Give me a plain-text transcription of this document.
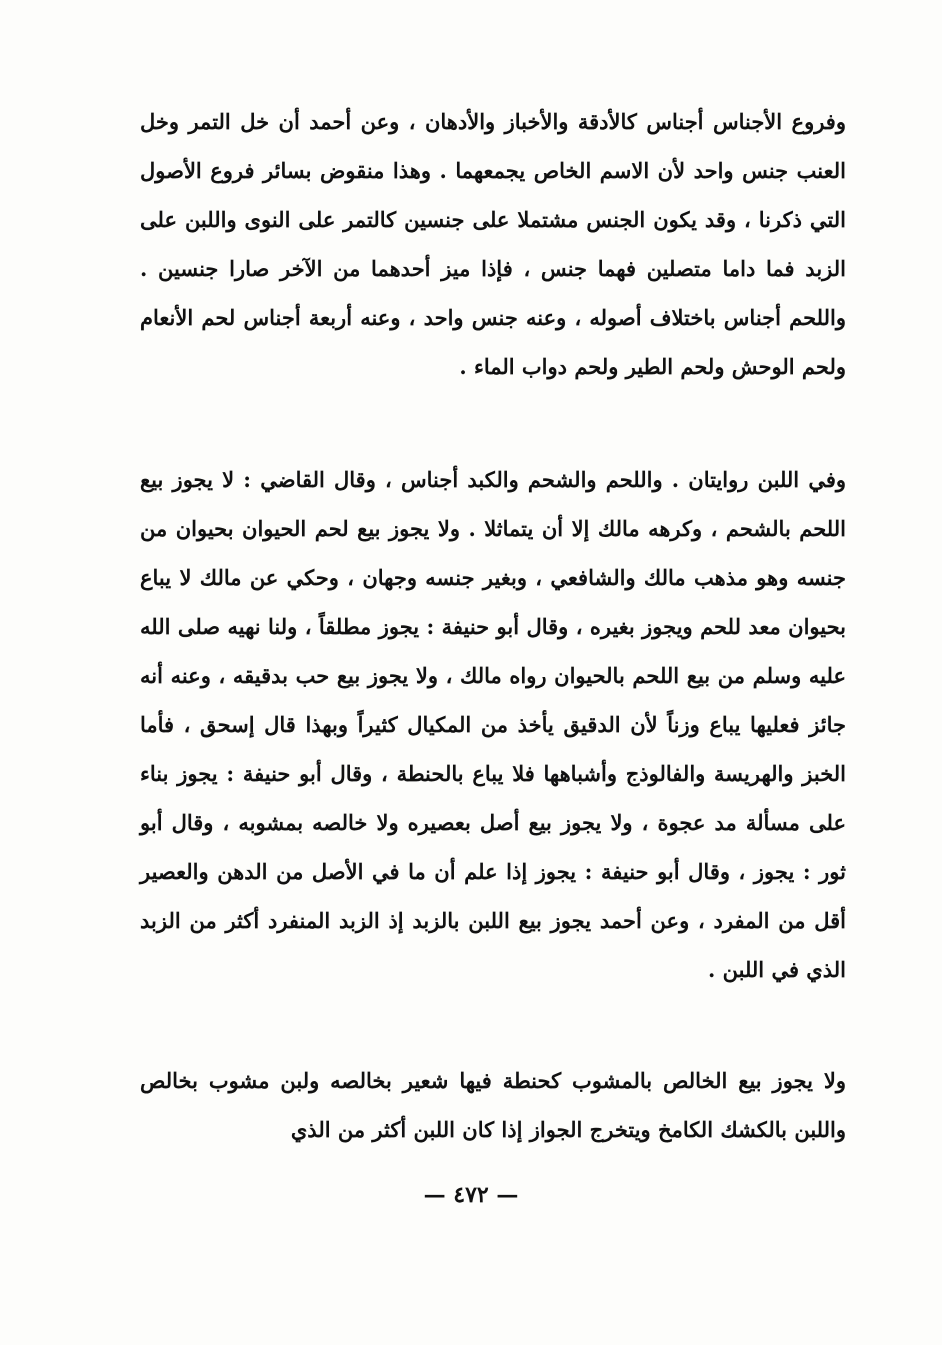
وفروع الأجناس أجناس كالأدقة والأخباز والأدهان ، وعن أحمد أن خل التمر وخل العنب جنس واحد لأن الاسم الخاص يجمعهما . وهذا منقوض بسائر فروع الأصول التي ذكرنا ، وقد يكون الجنس مشتملا على جنسين كالتمر على النوى واللبن على الزبد فما داما متصلين فهما جنس ، فإذا ميز أحدهما من الآخر صارا جنسين . واللحم أجناس باختلاف أصوله ، وعنه جنس واحد ، وعنه أربعة أجناس لحم الأنعام ولحم الوحش ولحم الطير ولحم دواب الماء .

وفي اللبن روايتان . واللحم والشحم والكبد أجناس ، وقال القاضي : لا يجوز بيع اللحم بالشحم ، وكرهه مالك إلا أن يتماثلا . ولا يجوز بيع لحم الحيوان بحيوان من جنسه وهو مذهب مالك والشافعي ، وبغير جنسه وجهان ، وحكي عن مالك لا يباع بحيوان معد للحم ويجوز بغيره ، وقال أبو حنيفة : يجوز مطلقاً ، ولنا نهيه صلى الله عليه وسلم من بيع اللحم بالحيوان رواه مالك ، ولا يجوز بيع حب بدقيقه ، وعنه أنه جائز فعليها يباع وزناً لأن الدقيق يأخذ من المكيال كثيراً وبهذا قال إسحق ، فأما الخبز والهريسة والفالوذج وأشباهها فلا يباع بالحنطة ، وقال أبو حنيفة : يجوز بناء على مسألة مد عجوة ، ولا يجوز بيع أصل بعصيره ولا خالصه بمشوبه ، وقال أبو ثور : يجوز ، وقال أبو حنيفة : يجوز إذا علم أن ما في الأصل من الدهن والعصير أقل من المفرد ، وعن أحمد يجوز بيع اللبن بالزبد إذ الزبد المنفرد أكثر من الزبد الذي في اللبن .

ولا يجوز بيع الخالص بالمشوب كحنطة فيها شعير بخالصه ولبن مشوب بخالص واللبن بالكشك الكامخ ويتخرج الجواز إذا كان اللبن أكثر من الذي

— ٤٧٢ —
